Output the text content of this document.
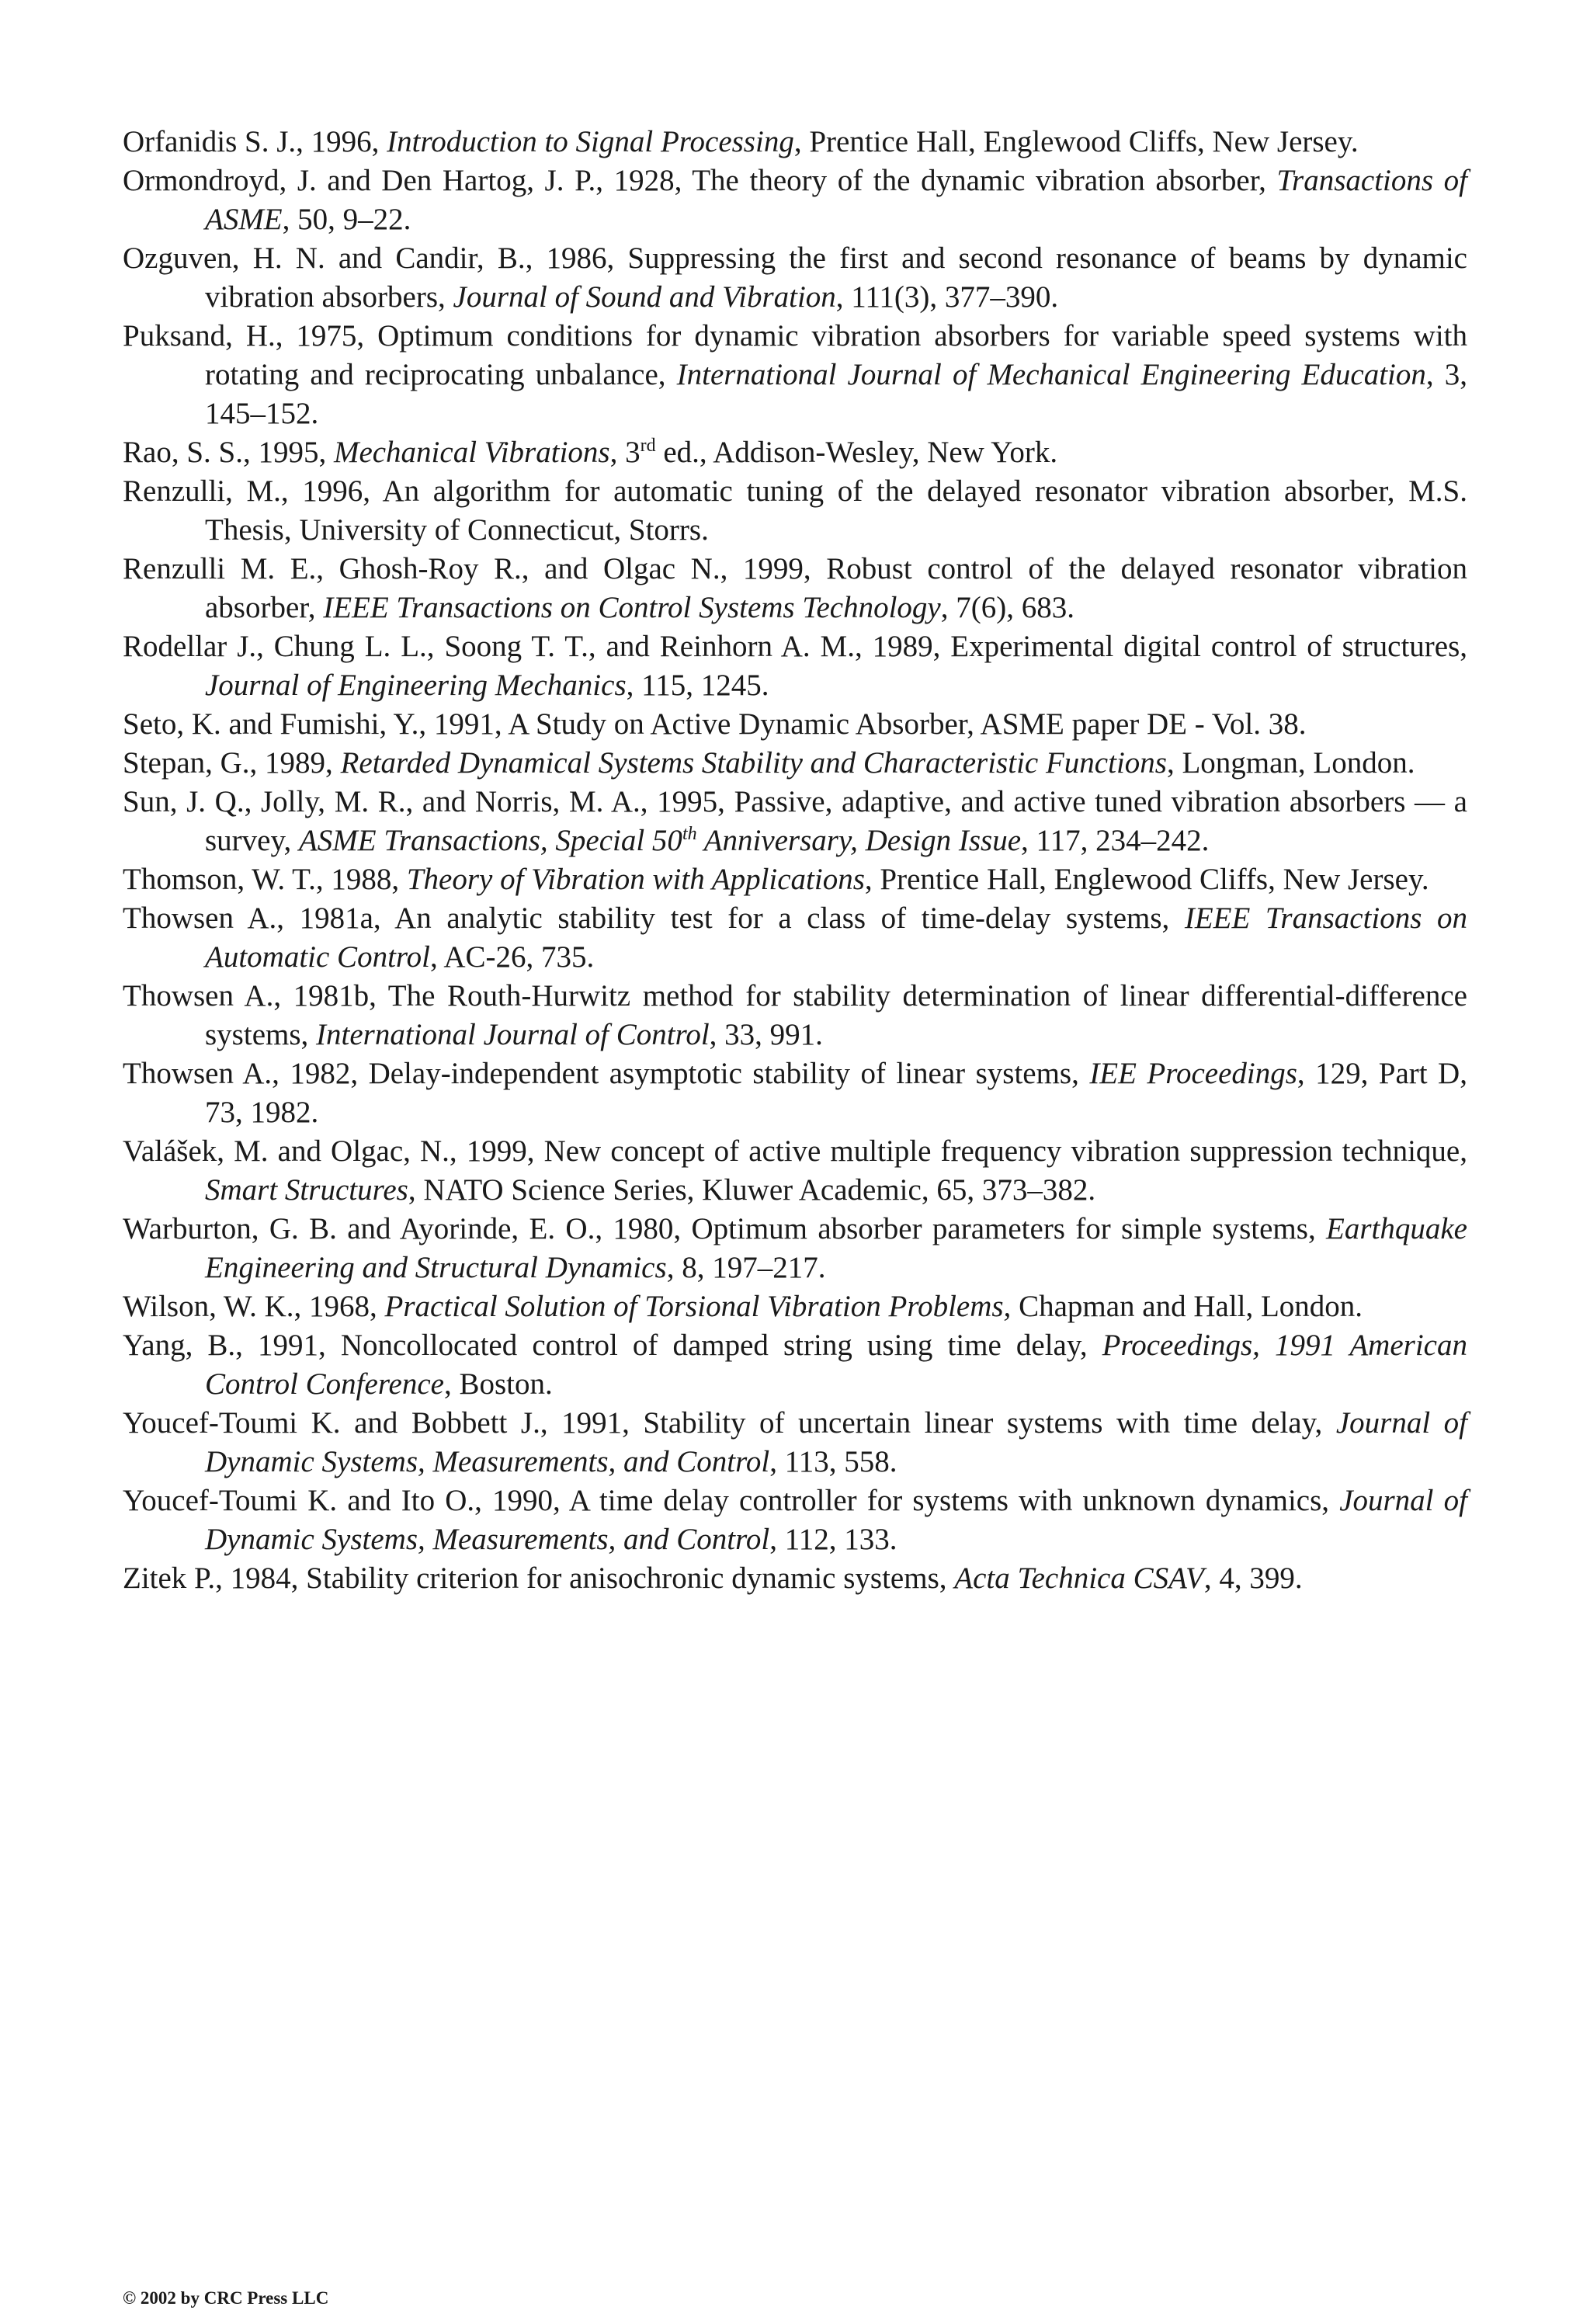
Orfanidis S. J., 1996, Introduction to Signal Processing, Prentice Hall, Englewood Cliffs, New Jersey.
Ormondroyd, J. and Den Hartog, J. P., 1928, The theory of the dynamic vibration absorber, Transactions of ASME, 50, 9–22.
Ozguven, H. N. and Candir, B., 1986, Suppressing the first and second resonance of beams by dynamic vibration absorbers, Journal of Sound and Vibration, 111(3), 377–390.
Puksand, H., 1975, Optimum conditions for dynamic vibration absorbers for variable speed systems with rotating and reciprocating unbalance, International Journal of Mechanical Engineering Education, 3, 145–152.
Rao, S. S., 1995, Mechanical Vibrations, 3rd ed., Addison-Wesley, New York.
Renzulli, M., 1996, An algorithm for automatic tuning of the delayed resonator vibration absorber, M.S. Thesis, University of Connecticut, Storrs.
Renzulli M. E., Ghosh-Roy R., and Olgac N., 1999, Robust control of the delayed resonator vibration absorber, IEEE Transactions on Control Systems Technology, 7(6), 683.
Rodellar J., Chung L. L., Soong T. T., and Reinhorn A. M., 1989, Experimental digital control of structures, Journal of Engineering Mechanics, 115, 1245.
Seto, K. and Fumishi, Y., 1991, A Study on Active Dynamic Absorber, ASME paper DE - Vol. 38.
Stepan, G., 1989, Retarded Dynamical Systems Stability and Characteristic Functions, Longman, London.
Sun, J. Q., Jolly, M. R., and Norris, M. A., 1995, Passive, adaptive, and active tuned vibration absorbers — a survey, ASME Transactions, Special 50th Anniversary, Design Issue, 117, 234–242.
Thomson, W. T., 1988, Theory of Vibration with Applications, Prentice Hall, Englewood Cliffs, New Jersey.
Thowsen A., 1981a, An analytic stability test for a class of time-delay systems, IEEE Transactions on Automatic Control, AC-26, 735.
Thowsen A., 1981b, The Routh-Hurwitz method for stability determination of linear differential-difference systems, International Journal of Control, 33, 991.
Thowsen A., 1982, Delay-independent asymptotic stability of linear systems, IEE Proceedings, 129, Part D, 73, 1982.
Valášek, M. and Olgac, N., 1999, New concept of active multiple frequency vibration suppression technique, Smart Structures, NATO Science Series, Kluwer Academic, 65, 373–382.
Warburton, G. B. and Ayorinde, E. O., 1980, Optimum absorber parameters for simple systems, Earthquake Engineering and Structural Dynamics, 8, 197–217.
Wilson, W. K., 1968, Practical Solution of Torsional Vibration Problems, Chapman and Hall, London.
Yang, B., 1991, Noncollocated control of damped string using time delay, Proceedings, 1991 American Control Conference, Boston.
Youcef-Toumi K. and Bobbett J., 1991, Stability of uncertain linear systems with time delay, Journal of Dynamic Systems, Measurements, and Control, 113, 558.
Youcef-Toumi K. and Ito O., 1990, A time delay controller for systems with unknown dynamics, Journal of Dynamic Systems, Measurements, and Control, 112, 133.
Zitek P., 1984, Stability criterion for anisochronic dynamic systems, Acta Technica CSAV, 4, 399.
© 2002 by CRC Press LLC
